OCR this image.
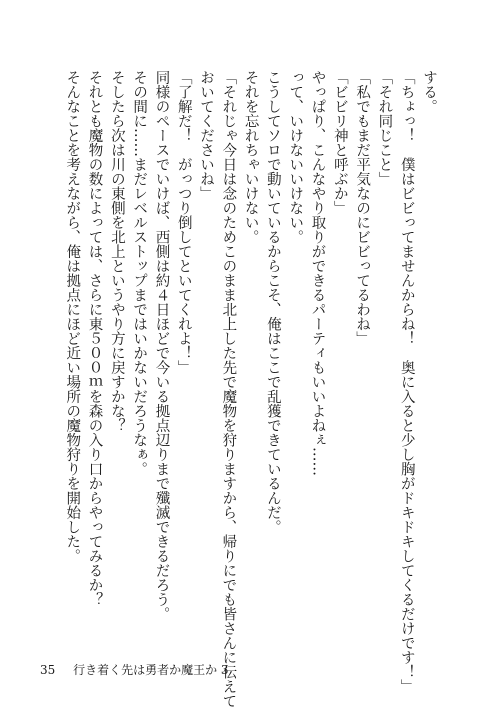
する。
「ちょっ！　僕はビビってませんからね！　奥に入ると少し胸がドキドキしてくるだけです！」
「それ同じこと」
「私でもまだ平気なのにビビってるわね」
「ビビリ神と呼ぶか」
やっぱり、こんなやり取りができるパーティもいいよねぇ……
って、いけないいけない。
こうしてソロで動いているからこそ、俺はここで乱獲できているんだ。
それを忘れちゃいけない。
「それじゃ今日は念のためこのまま北上した先で魔物を狩りますから、帰りにでも皆さんに伝えて
おいてくださいね」
「了解だ！　がっつり倒してといてくれよ！」
同様のペースでいけば、西側は約４日ほどで今いる拠点辺りまで殲滅できるだろう。
その間に……まだレベルストップまではいかないだろうなぁ。
そしたら次は川の東側を北上というやり方に戻すかな？
それとも魔物の数によっては、さらに東５００ｍを森の入り口からやってみるか？
そんなことを考えながら、俺は拠点にほど近い場所の魔物狩りを開始した。
35 行き着く先は勇者か魔王か 3
